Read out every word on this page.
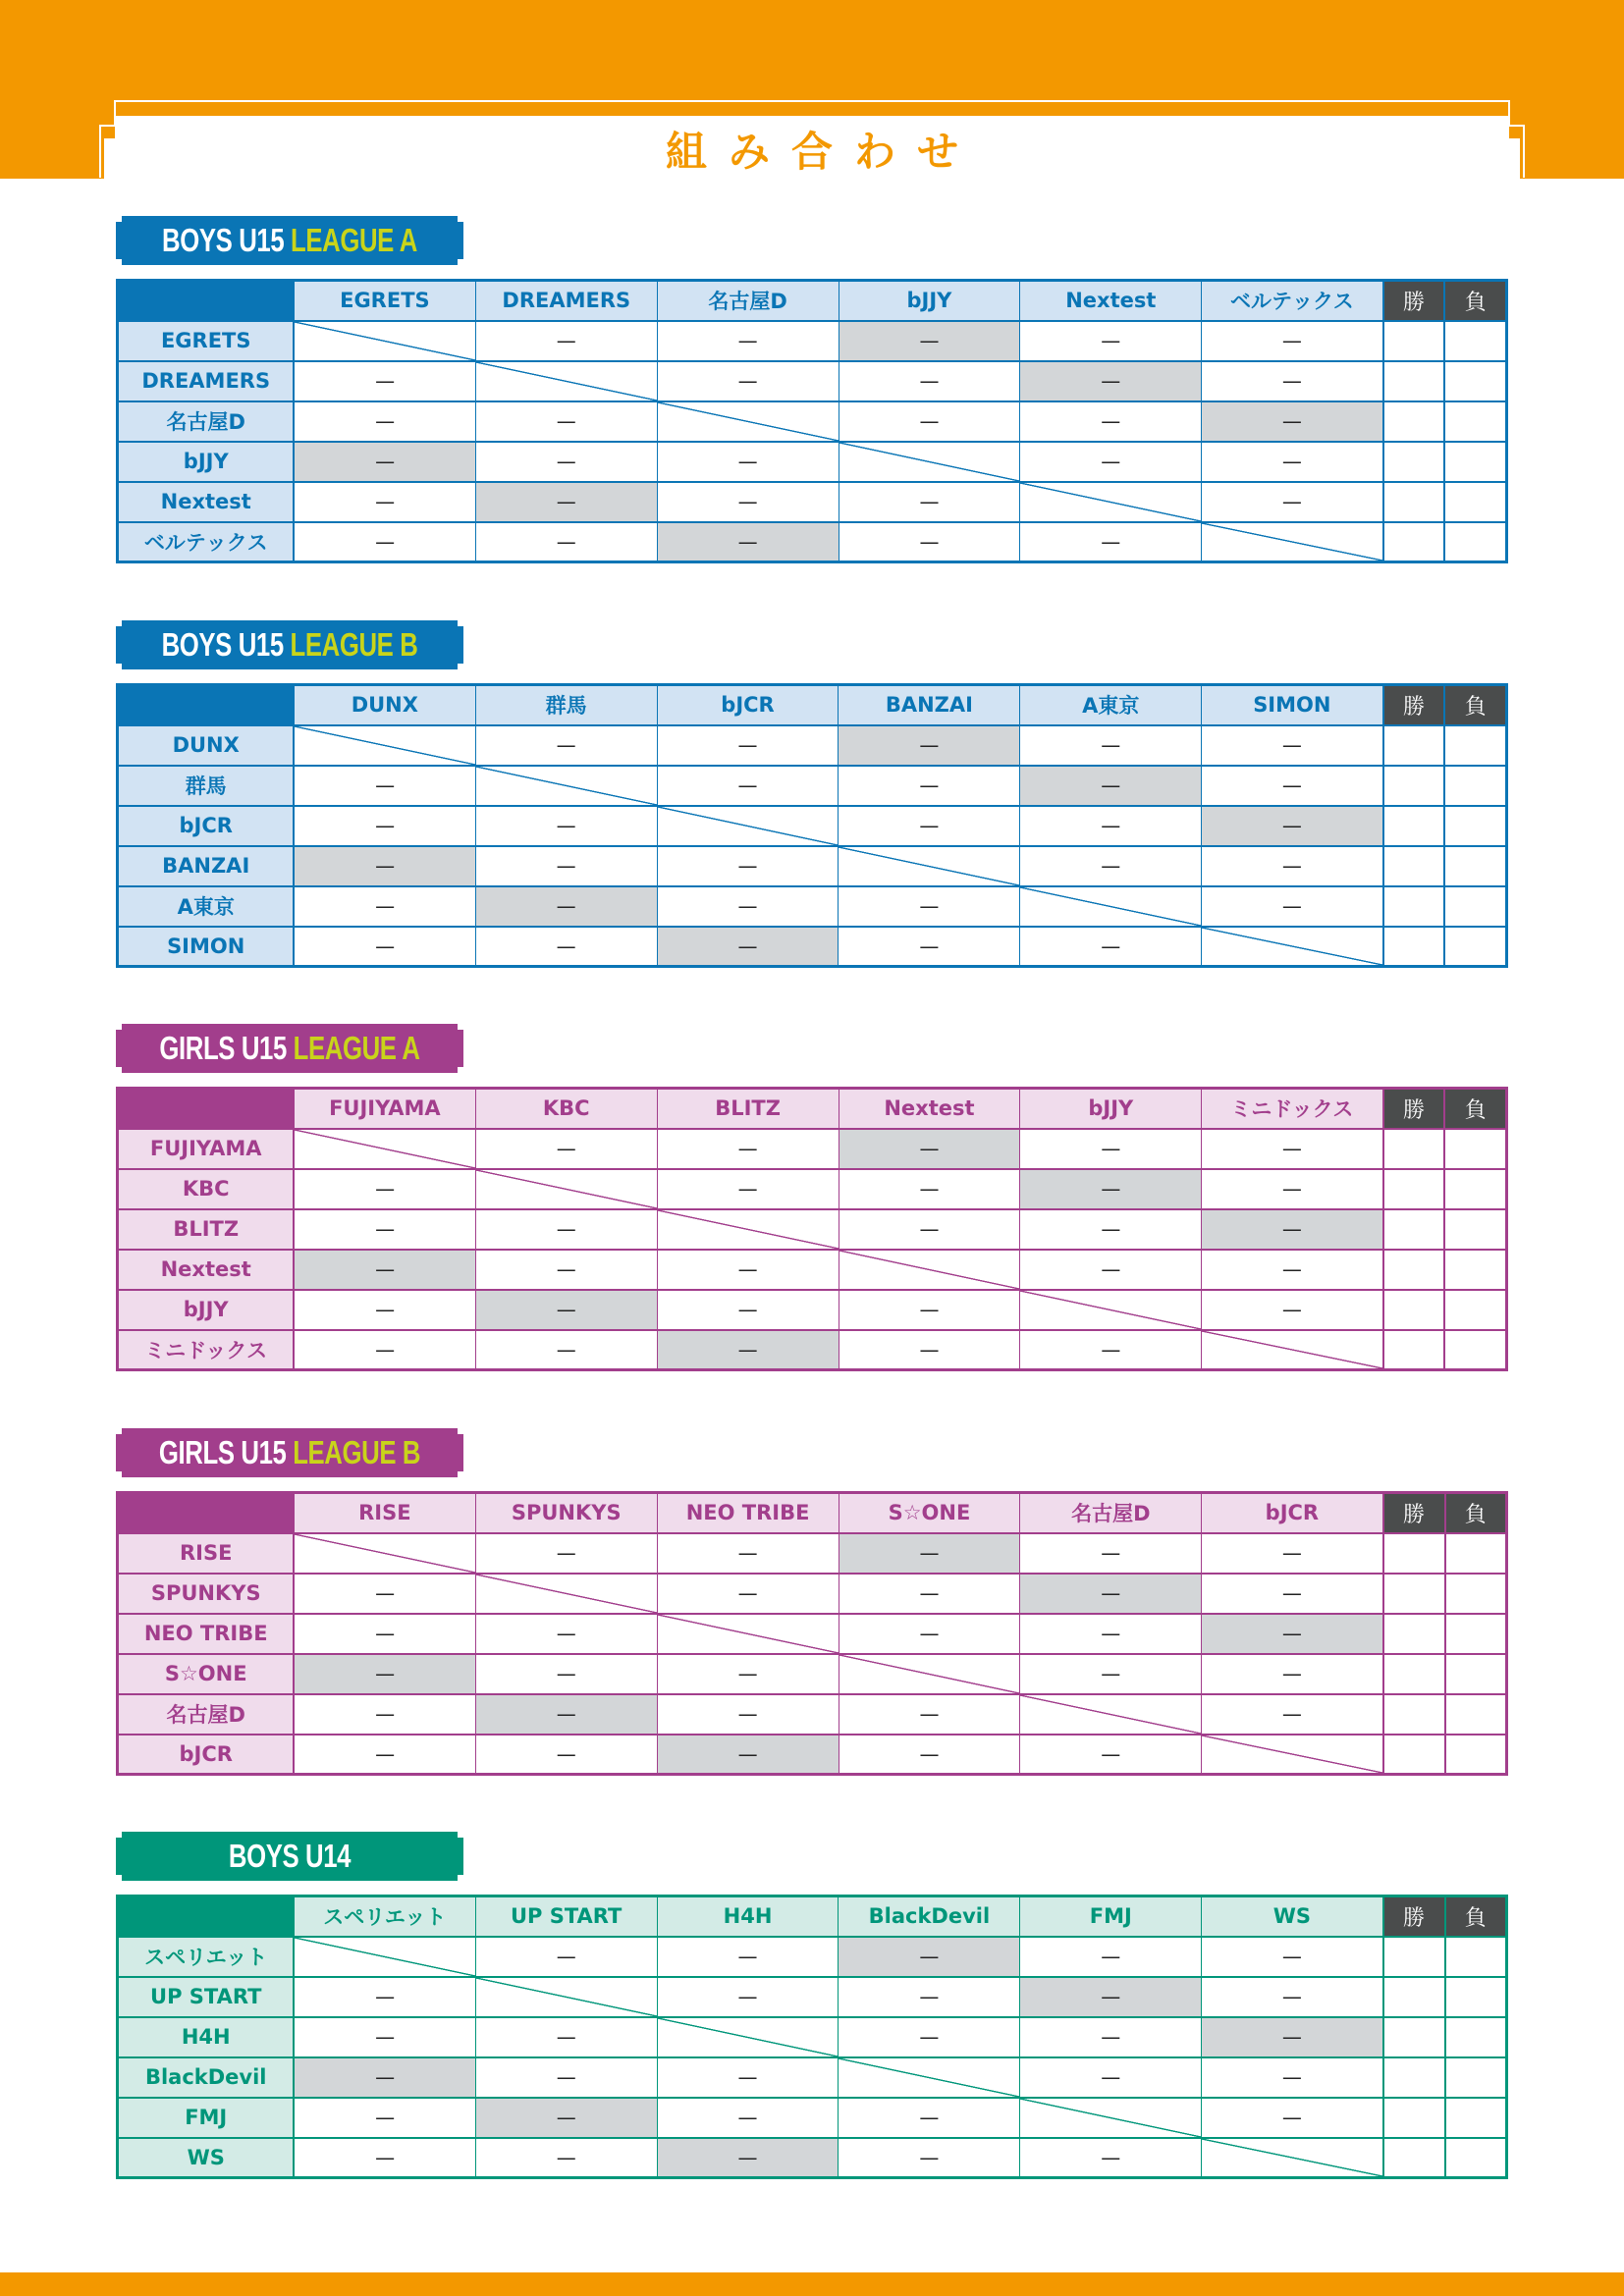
組み合わせ
BOYS U15 LEAGUE A
	EGRETS	DREAMERS	名古屋D	bJJY	Nextest	ベルテックス	勝	負
EGRETS		—	—	—	—	—		
DREAMERS	—		—	—	—	—		
名古屋D	—	—		—	—	—		
bJJY	—	—	—		—	—		
Nextest	—	—	—	—		—		
ベルテックス	—	—	—	—	—			
BOYS U15 LEAGUE B
	DUNX	群馬	bJCR	BANZAI	A東京	SIMON	勝	負
DUNX		—	—	—	—	—		
群馬	—		—	—	—	—		
bJCR	—	—		—	—	—		
BANZAI	—	—	—		—	—		
A東京	—	—	—	—		—		
SIMON	—	—	—	—	—			
GIRLS U15 LEAGUE A
	FUJIYAMA	KBC	BLITZ	Nextest	bJJY	ミニドックス	勝	負
FUJIYAMA		—	—	—	—	—		
KBC	—		—	—	—	—		
BLITZ	—	—		—	—	—		
Nextest	—	—	—		—	—		
bJJY	—	—	—	—		—		
ミニドックス	—	—	—	—	—			
GIRLS U15 LEAGUE B
	RISE	SPUNKYS	NEO TRIBE	S☆ONE	名古屋D	bJCR	勝	負
RISE		—	—	—	—	—		
SPUNKYS	—		—	—	—	—		
NEO TRIBE	—	—		—	—	—		
S☆ONE	—	—	—		—	—		
名古屋D	—	—	—	—		—		
bJCR	—	—	—	—	—			
BOYS U14
	スペリエット	UP START	H4H	BlackDevil	FMJ	WS	勝	負
スペリエット		—	—	—	—	—		
UP START	—		—	—	—	—		
H4H	—	—		—	—	—		
BlackDevil	—	—	—		—	—		
FMJ	—	—	—	—		—		
WS	—	—	—	—	—			
